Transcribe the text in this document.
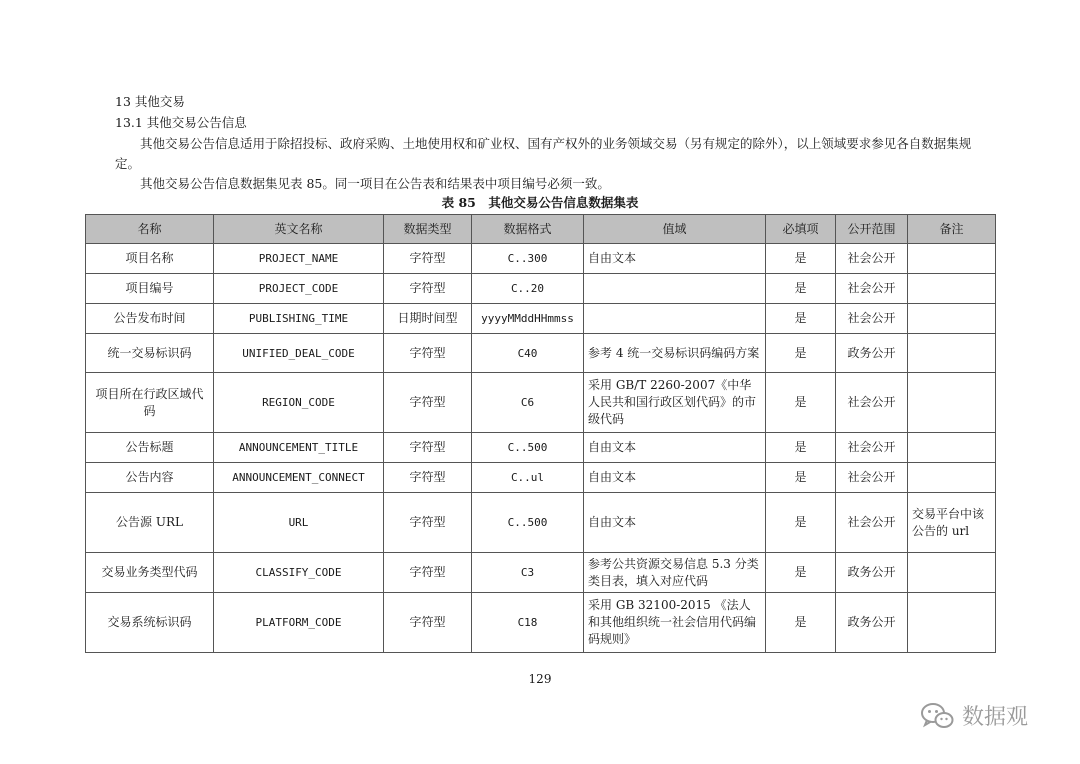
13 其他交易
13.1 其他交易公告信息
其他交易公告信息适用于除招投标、政府采购、土地使用权和矿业权、国有产权外的业务领域交易（另有规定的除外），以上领域要求参见各自数据集规定。
其他交易公告信息数据集见表 85。同一项目在公告表和结果表中项目编号必须一致。
表 85　其他交易公告信息数据集表
名称	英文名称	数据类型	数据格式	值域	必填项	公开范围	备注
项目名称	PROJECT_NAME	字符型	C..300	自由文本	是	社会公开	
项目编号	PROJECT_CODE	字符型	C..20		是	社会公开	
公告发布时间	PUBLISHING_TIME	日期时间型	yyyyMMddHHmmss		是	社会公开	
统一交易标识码	UNIFIED_DEAL_CODE	字符型	C40	参考 4 统一交易标识码编码方案	是	政务公开	
项目所在行政区域代码	REGION_CODE	字符型	C6	采用 GB/T 2260-2007《中华人民共和国行政区划代码》的市级代码	是	社会公开	
公告标题	ANNOUNCEMENT_TITLE	字符型	C..500	自由文本	是	社会公开	
公告内容	ANNOUNCEMENT_CONNECT	字符型	C..ul	自由文本	是	社会公开	
公告源 URL	URL	字符型	C..500	自由文本	是	社会公开	交易平台中该公告的 url
交易业务类型代码	CLASSIFY_CODE	字符型	C3	参考公共资源交易信息 5.3 分类类目表，填入对应代码	是	政务公开	
交易系统标识码	PLATFORM_CODE	字符型	C18	采用 GB 32100-2015 《法人和其他组织统一社会信用代码编码规则》	是	政务公开	
129
数据观
